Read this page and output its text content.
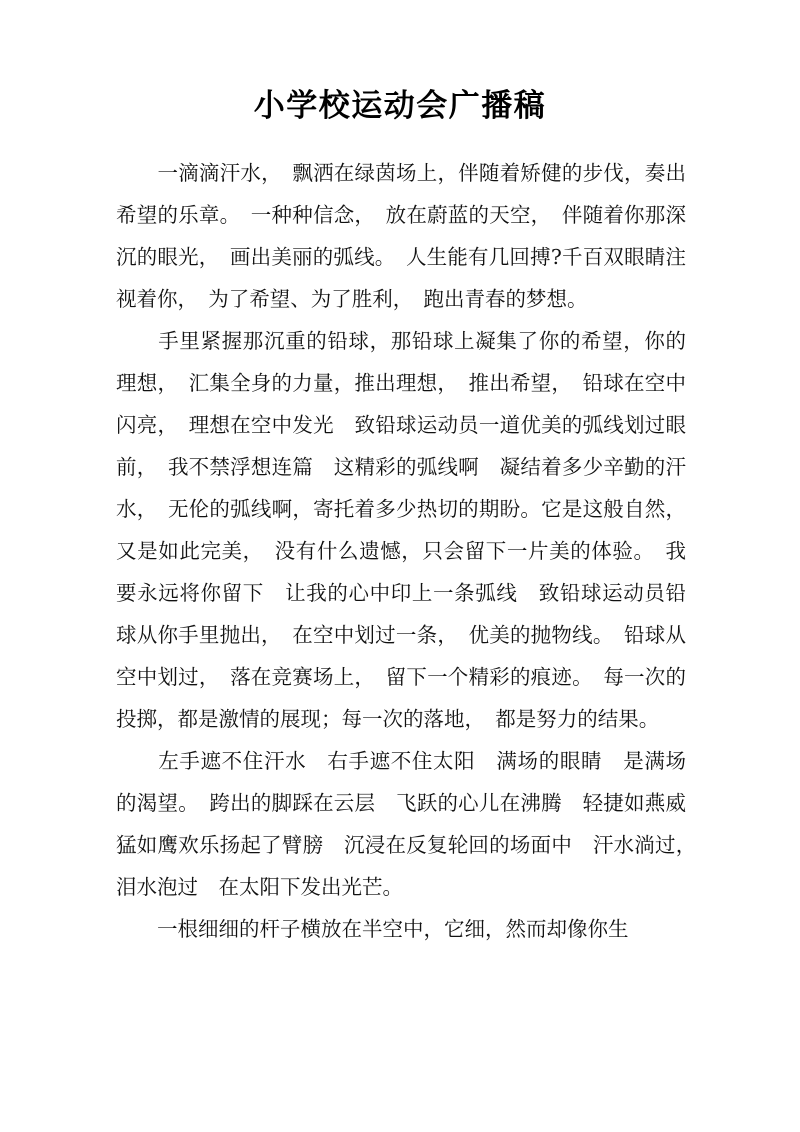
小学校运动会广播稿

　　一滴滴汗水，　飘洒在绿茵场上，伴随着矫健的步伐，奏出希望的乐章。　一种种信念，　放在蔚蓝的天空，　伴随着你那深沉的眼光，　画出美丽的弧线。　人生能有几回搏?千百双眼睛注视着你，　为了希望、为了胜利，　跑出青春的梦想。

　　手里紧握那沉重的铅球，那铅球上凝集了你的希望，你的理想，　汇集全身的力量，推出理想，　推出希望，　铅球在空中闪亮，　理想在空中发光　致铅球运动员一道优美的弧线划过眼前，　我不禁浮想连篇　这精彩的弧线啊　凝结着多少辛勤的汗水，　无伦的弧线啊，寄托着多少热切的期盼。它是这般自然，又是如此完美，　没有什么遗憾，只会留下一片美的体验。　我要永远将你留下　让我的心中印上一条弧线　致铅球运动员铅球从你手里抛出，　在空中划过一条，　优美的抛物线。　铅球从空中划过，　落在竞赛场上，　留下一个精彩的痕迹。　每一次的投掷，都是激情的展现；每一次的落地，　都是努力的结果。

　　左手遮不住汗水　右手遮不住太阳　满场的眼睛　是满场的渴望。　跨出的脚踩在云层　飞跃的心儿在沸腾　轻捷如燕威猛如鹰欢乐扬起了臂膀　沉浸在反复轮回的场面中　汗水淌过，　泪水泡过　在太阳下发出光芒。

　　一根细细的杆子横放在半空中，它细，然而却像你生
